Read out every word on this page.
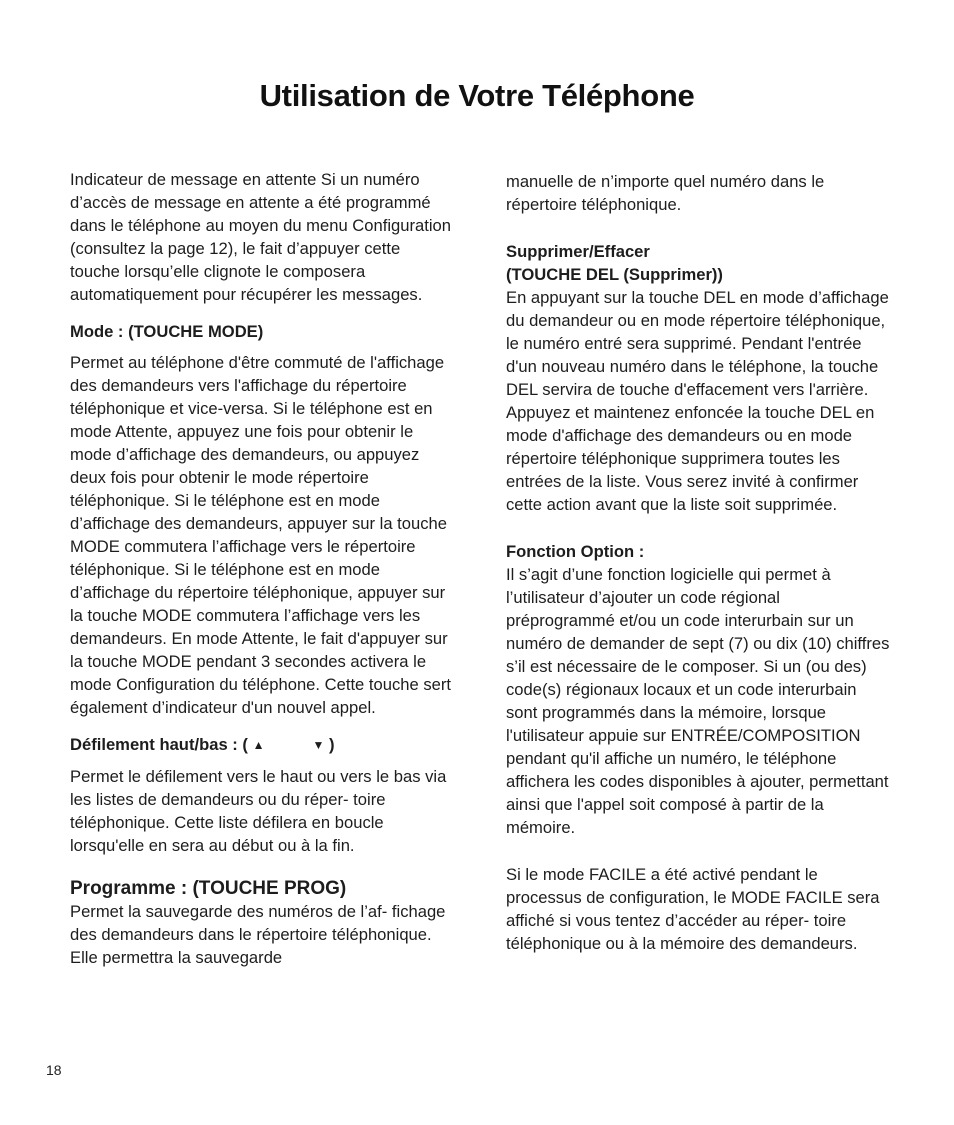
Utilisation de Votre Téléphone

Indicateur de message en attente Si un numéro d’accès de message en attente a été programmé dans le téléphone au moyen du menu Configuration (consultez la page 12), le fait d’appuyer cette touche lorsqu’elle clignote le composera automatiquement pour récupérer les messages.

Mode : (TOUCHE MODE)

Permet au téléphone d'être commuté de l'affichage des demandeurs vers l'affichage du répertoire téléphonique et vice-versa. Si le téléphone est en mode Attente, appuyez une fois pour obtenir le mode d’affichage des demandeurs, ou appuyez deux fois pour obtenir le mode répertoire téléphonique. Si le téléphone est en mode d’affichage des demandeurs, appuyer sur la touche MODE commutera l’affichage vers le répertoire téléphonique. Si le téléphone est en mode d’affichage du répertoire téléphonique, appuyer sur la touche MODE commutera l’affichage vers les demandeurs. En mode Attente, le fait d'appuyer sur la touche MODE pendant 3 secondes activera le mode Configuration du téléphone. Cette touche sert également d’indicateur d'un nouvel appel.

Défilement haut/bas : ( ▲	▼ )

Permet le défilement vers le haut ou vers le bas via les listes de demandeurs ou du réper- toire téléphonique. Cette liste défilera en boucle lorsqu'elle en sera au début ou à la fin.

Programme : (TOUCHE PROG)

Permet la sauvegarde des numéros de l’af- fichage des demandeurs dans le répertoire téléphonique. Elle permettra la sauvegarde

manuelle de n’importe quel numéro dans le répertoire téléphonique.

Supprimer/Effacer

(TOUCHE DEL (Supprimer))

En appuyant sur la touche DEL en mode d’affichage du demandeur ou en mode répertoire téléphonique, le numéro entré sera supprimé. Pendant l'entrée d'un nouveau numéro dans le téléphone, la touche DEL servira de touche d'effacement vers l'arrière. Appuyez et maintenez enfoncée la touche DEL en mode d'affichage des demandeurs ou en mode répertoire téléphonique supprimera toutes les entrées de la liste. Vous serez invité à confirmer cette action avant que la liste soit supprimée.

Fonction Option :

Il s’agit d’une fonction logicielle qui permet à l’utilisateur d’ajouter un code régional préprogrammé et/ou un code interurbain sur un numéro de demander de sept (7) ou dix (10) chiffres s’il est nécessaire de le composer. Si un (ou des) code(s) régionaux locaux et un code interurbain sont programmés dans la mémoire, lorsque l'utilisateur appuie sur ENTRÉE/COMPOSITION pendant qu'il affiche un numéro, le téléphone affichera les codes disponibles à ajouter, permettant ainsi que l'appel soit composé à partir de la mémoire.

Si le mode FACILE a été activé pendant le processus de configuration, le MODE FACILE sera affiché si vous tentez d’accéder au réper- toire téléphonique ou à la mémoire des demandeurs.

18
